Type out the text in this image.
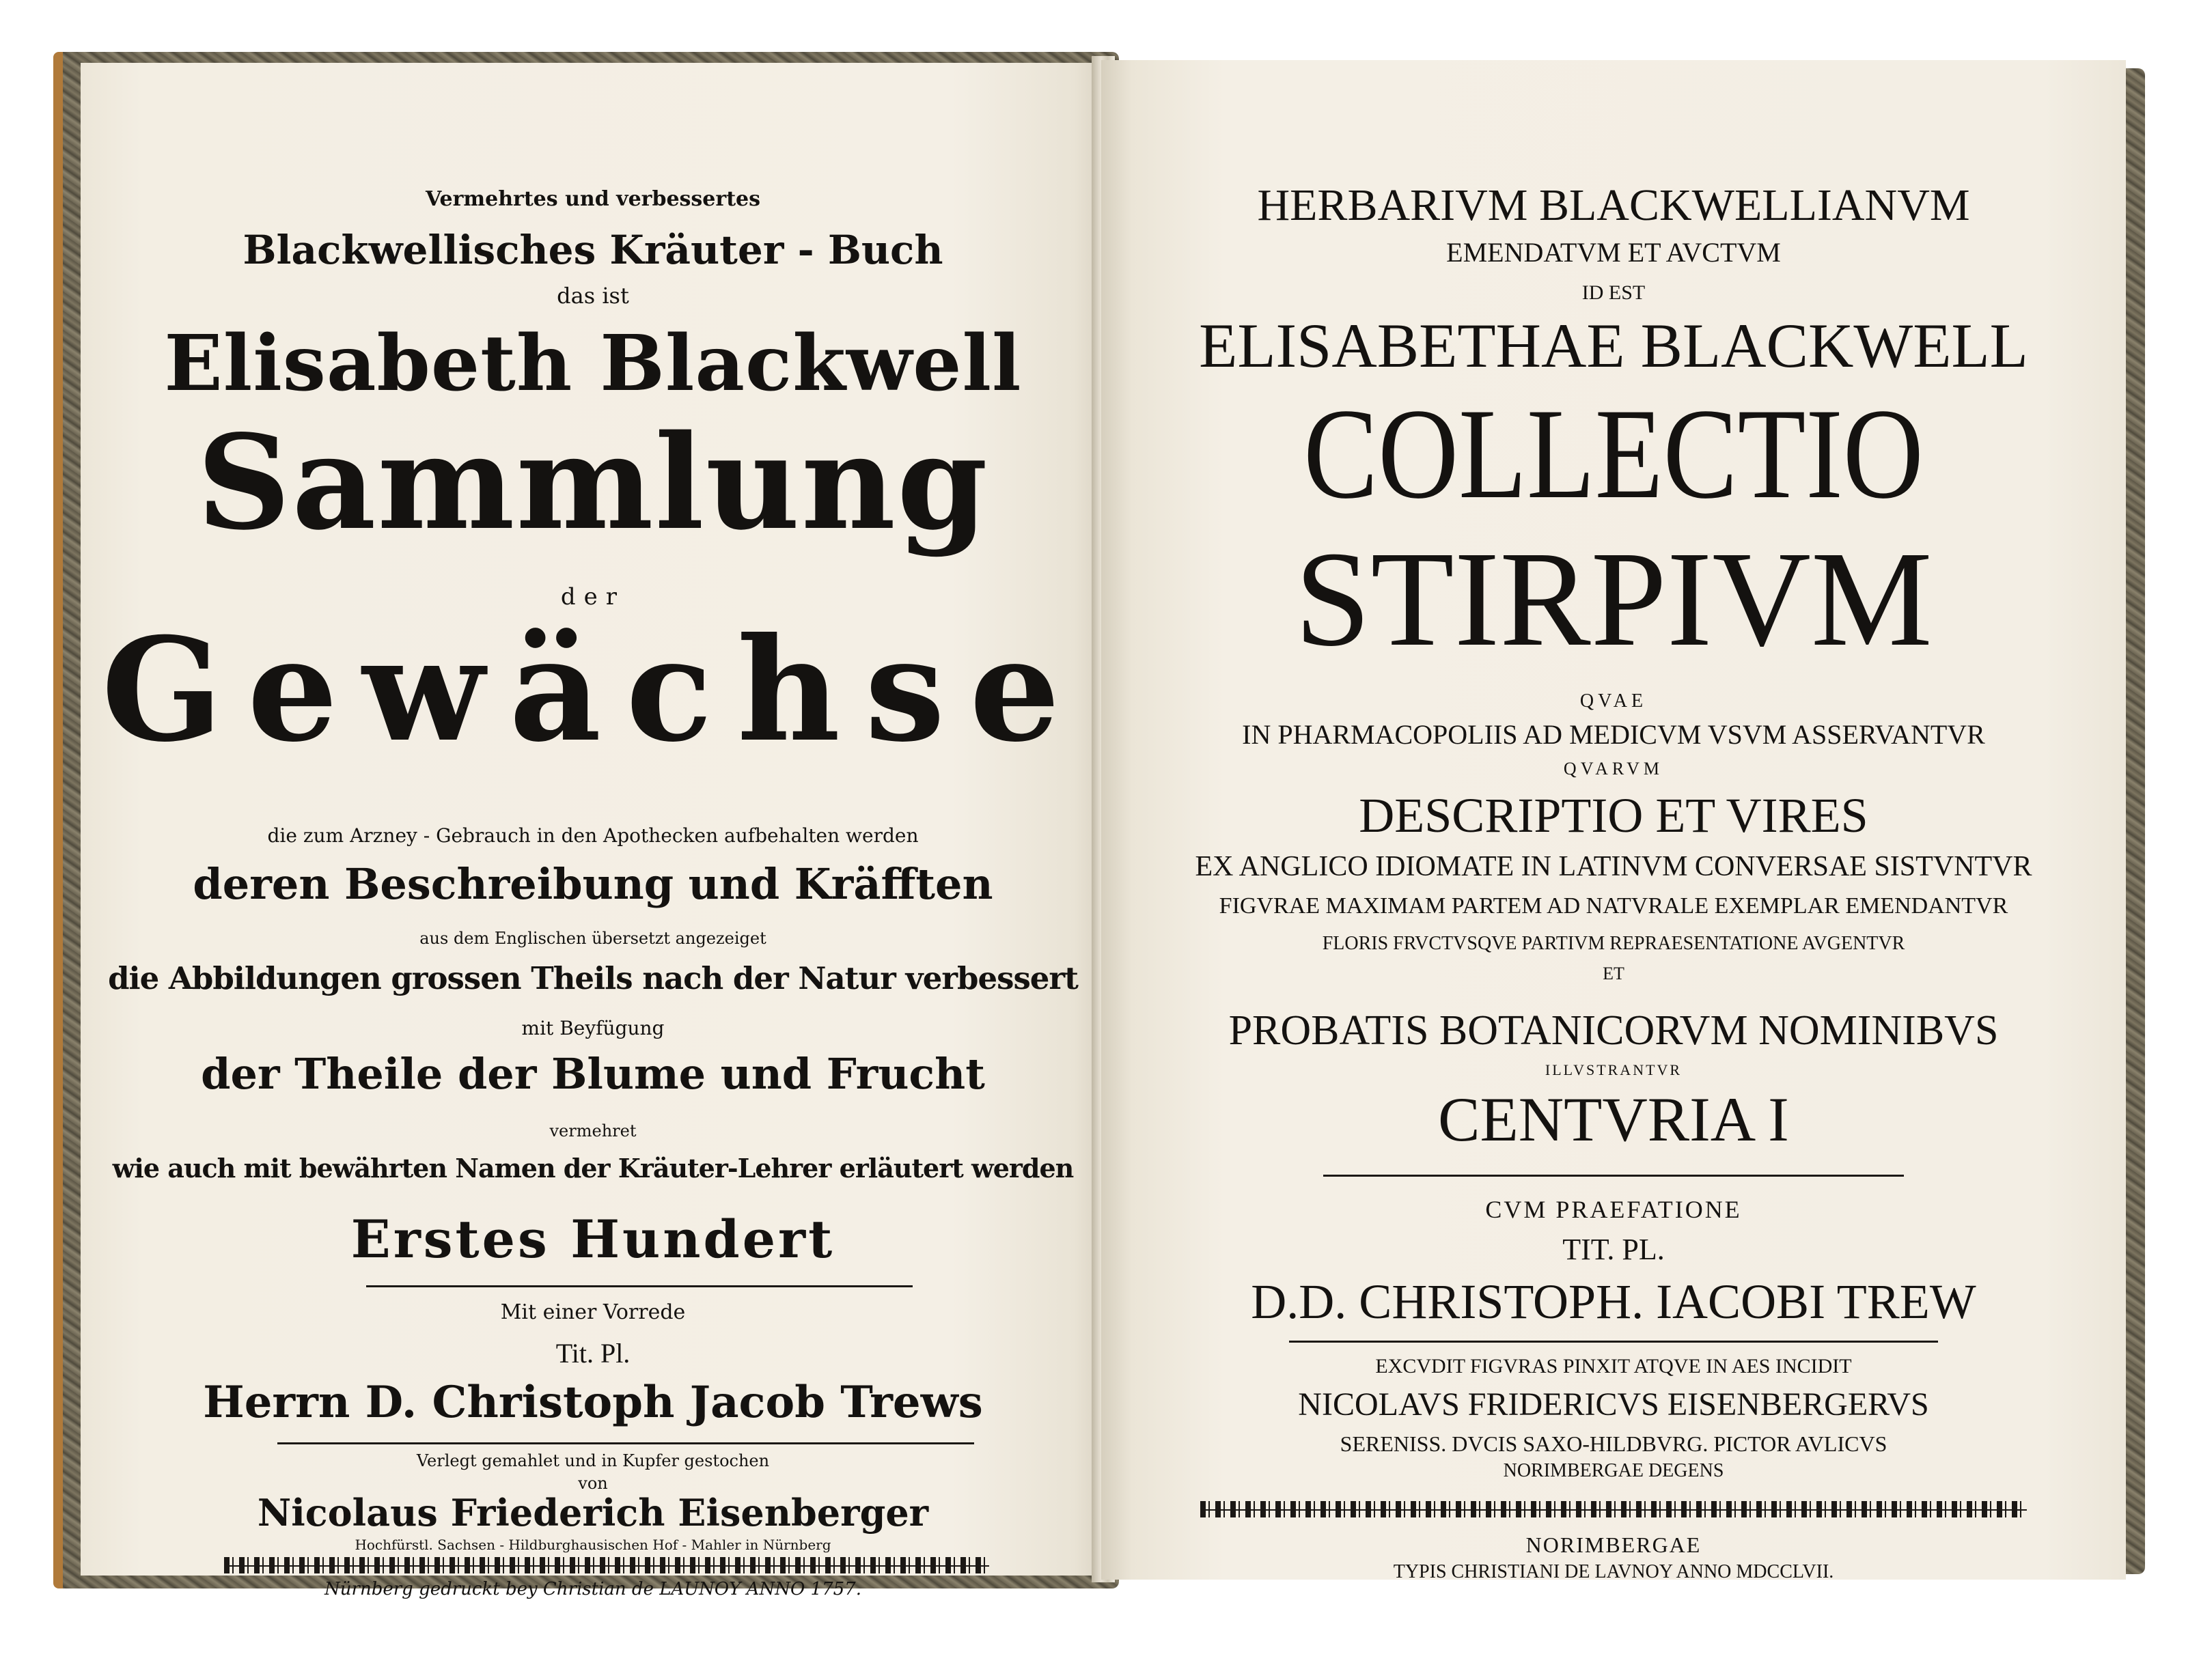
Vermehrtes und verbessertes
Blackwellisches Kräuter - Buch
das ist
Elisabeth Blackwell
Sammlung
der
Gewächse
die zum Arzney - Gebrauch in den Apothecken aufbehalten werden
deren Beschreibung und Kräfften
aus dem Englischen übersetzt angezeiget
die Abbildungen grossen Theils nach der Natur verbessert
mit Beyfügung
der Theile der Blume und Frucht
vermehret
wie auch mit bewährten Namen der Kräuter-Lehrer erläutert werden
Erstes Hundert
Mit einer Vorrede
Tit. Pl.
Herrn D. Christoph Jacob Trews
Verlegt gemahlet und in Kupfer gestochen
von
Nicolaus Friederich Eisenberger
Hochfürstl. Sachsen - Hildburghausischen Hof - Mahler in Nürnberg
Nürnberg gedruckt bey Christian de LAUNOY ANNO 1757.
HERBARIVM BLACKWELLIANVM
EMENDATVM ET AVCTVM
ID EST
ELISABETHAE BLACKWELL
COLLECTIO
STIRPIVM
QVAE
IN PHARMACOPOLIIS AD MEDICVM VSVM ASSERVANTVR
QVARVM
DESCRIPTIO ET VIRES
EX ANGLICO IDIOMATE IN LATINVM CONVERSAE SISTVNTVR
FIGVRAE MAXIMAM PARTEM AD NATVRALE EXEMPLAR EMENDANTVR
FLORIS FRVCTVSQVE PARTIVM REPRAESENTATIONE AVGENTVR
ET
PROBATIS BOTANICORVM NOMINIBVS
ILLVSTRANTVR
CENTVRIA I
CVM PRAEFATIONE
TIT. PL.
D.D. CHRISTOPH. IACOBI TREW
EXCVDIT FIGVRAS PINXIT ATQVE IN AES INCIDIT
NICOLAVS FRIDERICVS EISENBERGERVS
SERENISS. DVCIS SAXO-HILDBVRG. PICTOR AVLICVS
NORIMBERGAE DEGENS
NORIMBERGAE
TYPIS CHRISTIANI DE LAVNOY ANNO MDCCLVII.
